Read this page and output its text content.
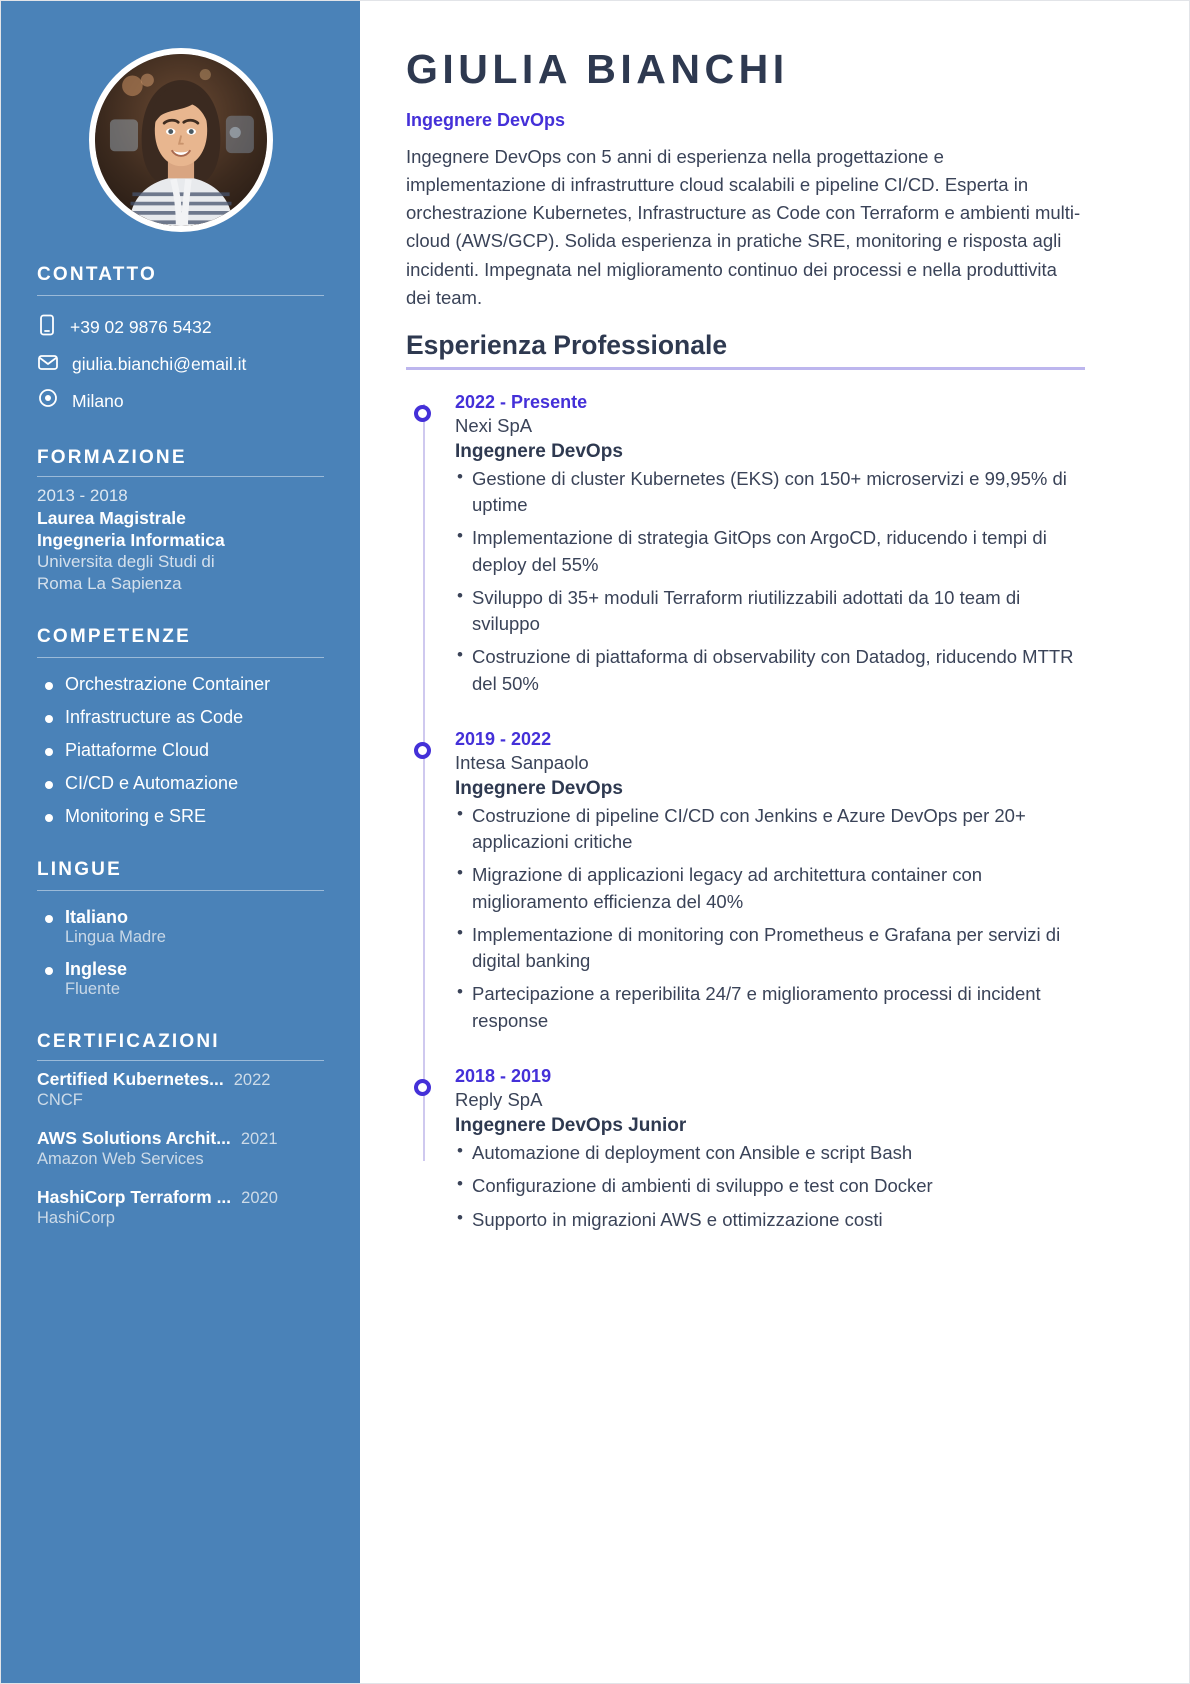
CONTATTO
+39 02 9876 5432
giulia.bianchi@email.it
Milano
FORMAZIONE
2013 - 2018
Laurea Magistrale
Ingegneria Informatica
Universita degli Studi di
Roma La Sapienza
COMPETENZE
Orchestrazione Container
Infrastructure as Code
Piattaforme Cloud
CI/CD e Automazione
Monitoring e SRE
LINGUE
Italiano
Lingua Madre
Inglese
Fluente
CERTIFICAZIONI
Certified Kubernetes... 2022
CNCF
AWS Solutions Archit... 2021
Amazon Web Services
HashiCorp Terraform ... 2020
HashiCorp
GIULIA BIANCHI
Ingegnere DevOps

Ingegnere DevOps con 5 anni di esperienza nella progettazione e implementazione di infrastrutture cloud scalabili e pipeline CI/CD. Esperta in orchestrazione Kubernetes, Infrastructure as Code con Terraform e ambienti multi-cloud (AWS/GCP). Solida esperienza in pratiche SRE, monitoring e risposta agli incidenti. Impegnata nel miglioramento continuo dei processi e nella produttivita dei team.

Esperienza Professionale
2022 - Presente
Nexi SpA
Ingegnere DevOps
• Gestione di cluster Kubernetes (EKS) con 150+ microservizi e 99,95% di uptime
• Implementazione di strategia GitOps con ArgoCD, riducendo i tempi di deploy del 55%
• Sviluppo di 35+ moduli Terraform riutilizzabili adottati da 10 team di sviluppo
• Costruzione di piattaforma di observability con Datadog, riducendo MTTR del 50%
2019 - 2022
Intesa Sanpaolo
Ingegnere DevOps
• Costruzione di pipeline CI/CD con Jenkins e Azure DevOps per 20+ applicazioni critiche
• Migrazione di applicazioni legacy ad architettura container con miglioramento efficienza del 40%
• Implementazione di monitoring con Prometheus e Grafana per servizi di digital banking
• Partecipazione a reperibilita 24/7 e miglioramento processi di incident response
2018 - 2019
Reply SpA
Ingegnere DevOps Junior
• Automazione di deployment con Ansible e script Bash
• Configurazione di ambienti di sviluppo e test con Docker
• Supporto in migrazioni AWS e ottimizzazione costi
